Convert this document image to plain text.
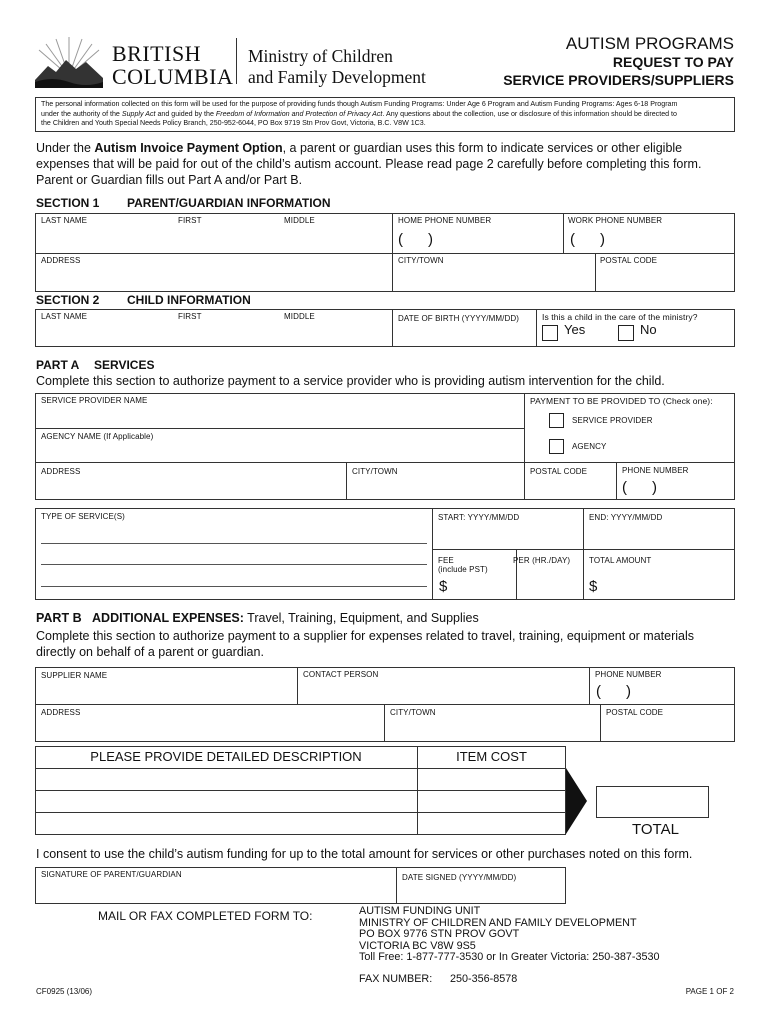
BRITISH
COLUMBIA
Ministry of Children
and Family Development
AUTISM PROGRAMS
REQUEST TO PAY
SERVICE PROVIDERS/SUPPLIERS
The personal information collected on this form will be used for the purpose of providing funds though Autism Funding Programs: Under Age 6 Program and Autism Funding Programs: Ages 6-18 Program
under the authority of the Supply Act and guided by the Freedom of Information and Protection of Privacy Act. Any questions about the collection, use or disclosure of this information should be directed to
the Children and Youth Special Needs Policy Branch, 250-952-6044, PO Box 9719 Stn Prov Govt, Victoria, B.C. V8W 1C3.
Under the Autism Invoice Payment Option, a parent or guardian uses this form to indicate services or other eligible
expenses that will be paid for out of the child’s autism account. Please read page 2 carefully before completing this form.
Parent or Guardian fills out Part A and/or Part B.
SECTION 1 PARENT/GUARDIAN INFORMATION
LAST NAME	FIRST	MIDDLE	HOME PHONE NUMBER	WORK PHONE NUMBER
(      )	(      )
ADDRESS	CITY/TOWN	POSTAL CODE
SECTION 2 CHILD INFORMATION
LAST NAME	FIRST	MIDDLE	DATE OF BIRTH (YYYY/MM/DD)	Is this a child in the care of the ministry?
Yes	No
PART A SERVICES
Complete this section to authorize payment to a service provider who is providing autism intervention for the child.
SERVICE PROVIDER NAME
AGENCY NAME (If Applicable)
PAYMENT TO BE PROVIDED TO (Check one):
SERVICE PROVIDER
AGENCY
ADDRESS	CITY/TOWN	POSTAL CODE	PHONE NUMBER
(      )
TYPE OF SERVICE(S)	START: YYYY/MM/DD	END: YYYY/MM/DD
FEE
(include PST)
PER (HR./DAY) TOTAL AMOUNT
$	$
PART B ADDITIONAL EXPENSES: Travel, Training, Equipment, and Supplies
Complete this section to authorize payment to a supplier for expenses related to travel, training, equipment or materials
directly on behalf of a parent or guardian.
SUPPLIER NAME	CONTACT PERSON	PHONE NUMBER
(      )
ADDRESS	CITY/TOWN	POSTAL CODE
PLEASE PROVIDE DETAILED DESCRIPTION	ITEM COST
TOTAL
I consent to use the child’s autism funding for up to the total amount for services or other purchases noted on this form.
SIGNATURE OF PARENT/GUARDIAN	DATE SIGNED (YYYY/MM/DD)
MAIL OR FAX COMPLETED FORM TO:	AUTISM FUNDING UNIT
MINISTRY OF CHILDREN AND FAMILY DEVELOPMENT
PO BOX 9776 STN PROV GOVT
VICTORIA BC V8W 9S5
Toll Free: 1-877-777-3530 or In Greater Victoria: 250-387-3530
FAX NUMBER: 250-356-8578
CF0925 (13/06)	PAGE 1 OF 2
